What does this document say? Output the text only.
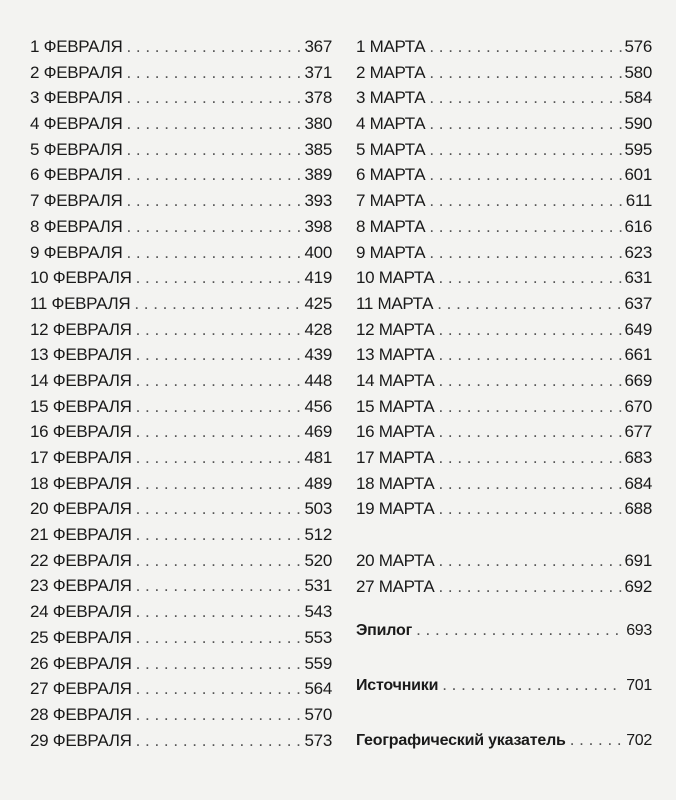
1 ФЕВРАЛЯ . . .	367
2 ФЕВРАЛЯ . . .	371
3 ФЕВРАЛЯ . . .	378
4 ФЕВРАЛЯ . . .	380
5 ФЕВРАЛЯ . . .	385
6 ФЕВРАЛЯ . . .	389
7 ФЕВРАЛЯ . . .	393
8 ФЕВРАЛЯ . . .	398
9 ФЕВРАЛЯ . . .	400
10 ФЕВРАЛЯ . . .	419
11 ФЕВРАЛЯ . . .	425
12 ФЕВРАЛЯ . . .	428
13 ФЕВРАЛЯ . . .	439
14 ФЕВРАЛЯ . . .	448
15 ФЕВРАЛЯ . . .	456
16 ФЕВРАЛЯ . . .	469
17 ФЕВРАЛЯ . . .	481
18 ФЕВРАЛЯ . . .	489
20 ФЕВРАЛЯ . . .	503
21 ФЕВРАЛЯ . . .	512
22 ФЕВРАЛЯ . . .	520
23 ФЕВРАЛЯ . . .	531
24 ФЕВРАЛЯ . . .	543
25 ФЕВРАЛЯ . . .	553
26 ФЕВРАЛЯ . . .	559
27 ФЕВРАЛЯ . . .	564
28 ФЕВРАЛЯ . . .	570
29 ФЕВРАЛЯ . . .	573
1 МАРТА . . .	576
2 МАРТА . . .	580
3 МАРТА . . .	584
4 МАРТА . . .	590
5 МАРТА . . .	595
6 МАРТА . . .	601
7 МАРТА . . .	611
8 МАРТА . . .	616
9 МАРТА . . .	623
10 МАРТА . . .	631
11 МАРТА . . .	637
12 МАРТА . . .	649
13 МАРТА . . .	661
14 МАРТА . . .	669
15 МАРТА . . .	670
16 МАРТА . . .	677
17 МАРТА . . .	683
18 МАРТА . . .	684
19 МАРТА . . .	688
20 МАРТА . . .	691
27 МАРТА . . .	692
Эпилог . . .	693
Источники . . .	701
Географический указатель . . .	702
